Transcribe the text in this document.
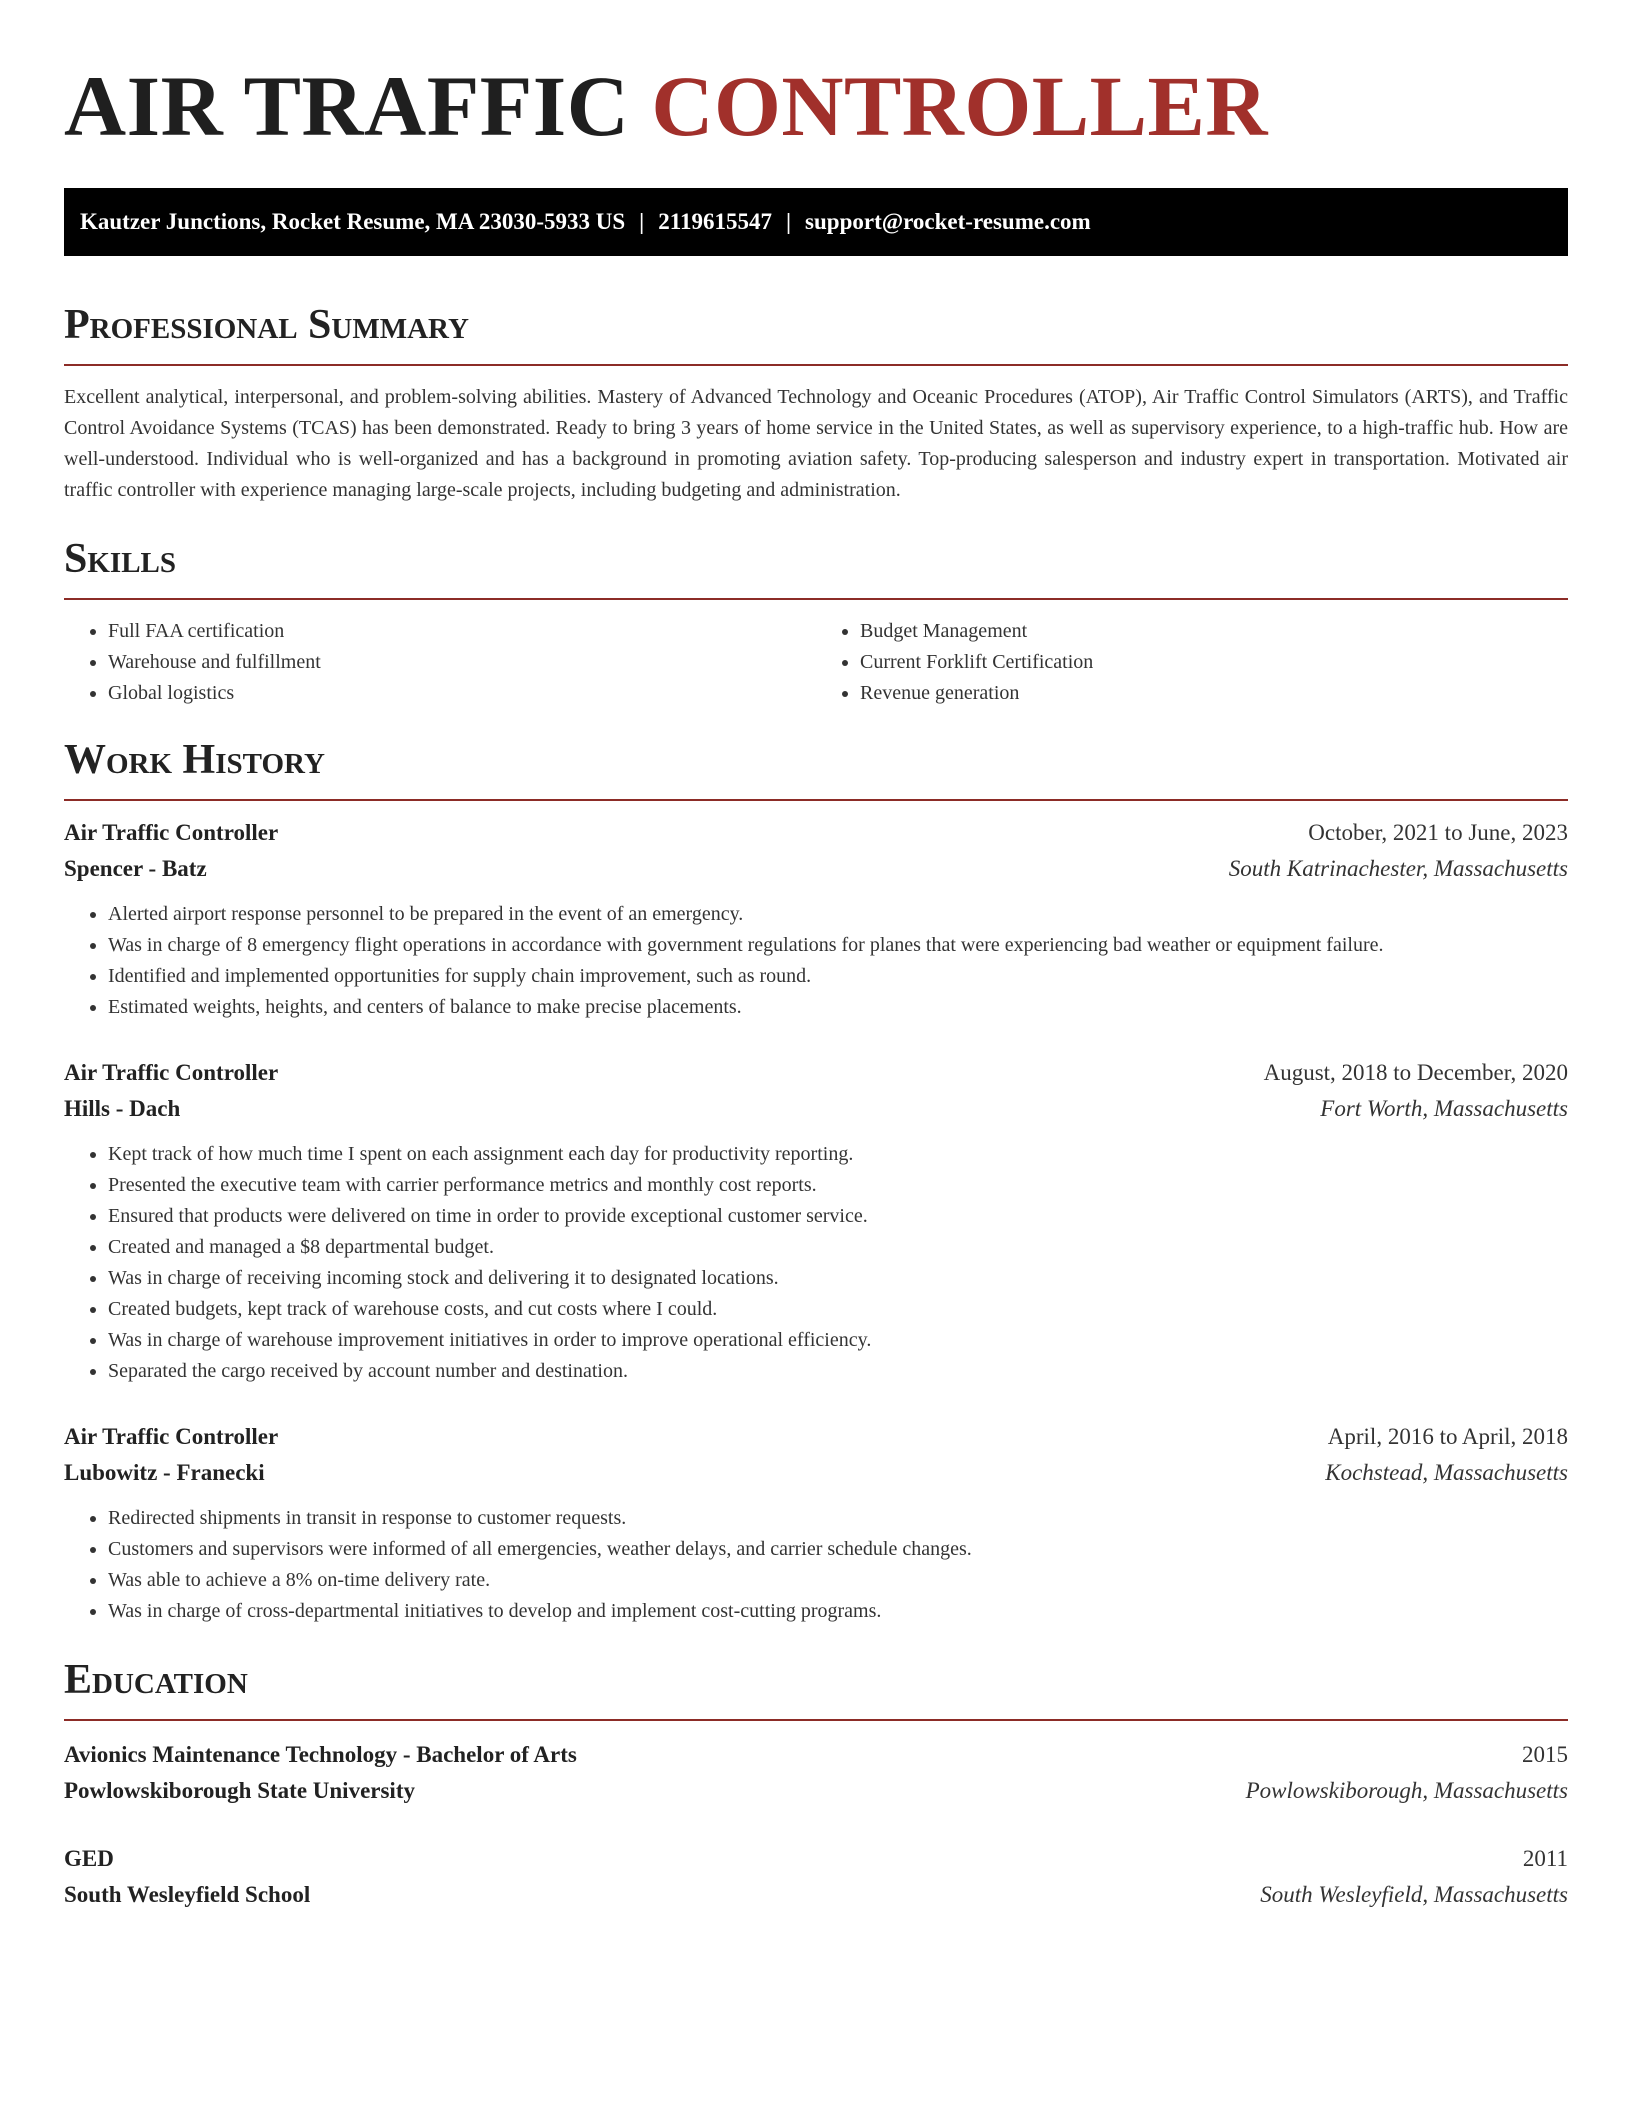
AIR TRAFFIC CONTROLLER
Kautzer Junctions, Rocket Resume, MA 23030-5933 US | 2119615547 | support@rocket-resume.com
Professional Summary

Excellent analytical, interpersonal, and problem-solving abilities. Mastery of Advanced Technology and Oceanic Procedures (ATOP), Air Traffic Control Simulators (ARTS), and Traffic Control Avoidance Systems (TCAS) has been demonstrated. Ready to bring 3 years of home service in the United States, as well as supervisory experience, to a high-traffic hub. How are well-understood. Individual who is well-organized and has a background in promoting aviation safety. Top-producing salesperson and industry expert in transportation. Motivated air traffic controller with experience managing large-scale projects, including budgeting and administration.

Skills
• Full FAA certification
• Warehouse and fulfillment
• Global logistics
• Budget Management
• Current Forklift Certification
• Revenue generation
Work History
Air Traffic Controller	October, 2021 to June, 2023
Spencer - Batz	South Katrinachester, Massachusetts
• Alerted airport response personnel to be prepared in the event of an emergency.
• Was in charge of 8 emergency flight operations in accordance with government regulations for planes that were experiencing bad weather or equipment failure.
• Identified and implemented opportunities for supply chain improvement, such as round.
• Estimated weights, heights, and centers of balance to make precise placements.
Air Traffic Controller	August, 2018 to December, 2020
Hills - Dach	Fort Worth, Massachusetts
• Kept track of how much time I spent on each assignment each day for productivity reporting.
• Presented the executive team with carrier performance metrics and monthly cost reports.
• Ensured that products were delivered on time in order to provide exceptional customer service.
• Created and managed a $8 departmental budget.
• Was in charge of receiving incoming stock and delivering it to designated locations.
• Created budgets, kept track of warehouse costs, and cut costs where I could.
• Was in charge of warehouse improvement initiatives in order to improve operational efficiency.
• Separated the cargo received by account number and destination.
Air Traffic Controller	April, 2016 to April, 2018
Lubowitz - Franecki	Kochstead, Massachusetts
• Redirected shipments in transit in response to customer requests.
• Customers and supervisors were informed of all emergencies, weather delays, and carrier schedule changes.
• Was able to achieve a 8% on-time delivery rate.
• Was in charge of cross-departmental initiatives to develop and implement cost-cutting programs.
Education
Avionics Maintenance Technology - Bachelor of Arts	2015
Powlowskiborough State University	Powlowskiborough, Massachusetts
GED	2011
South Wesleyfield School	South Wesleyfield, Massachusetts
